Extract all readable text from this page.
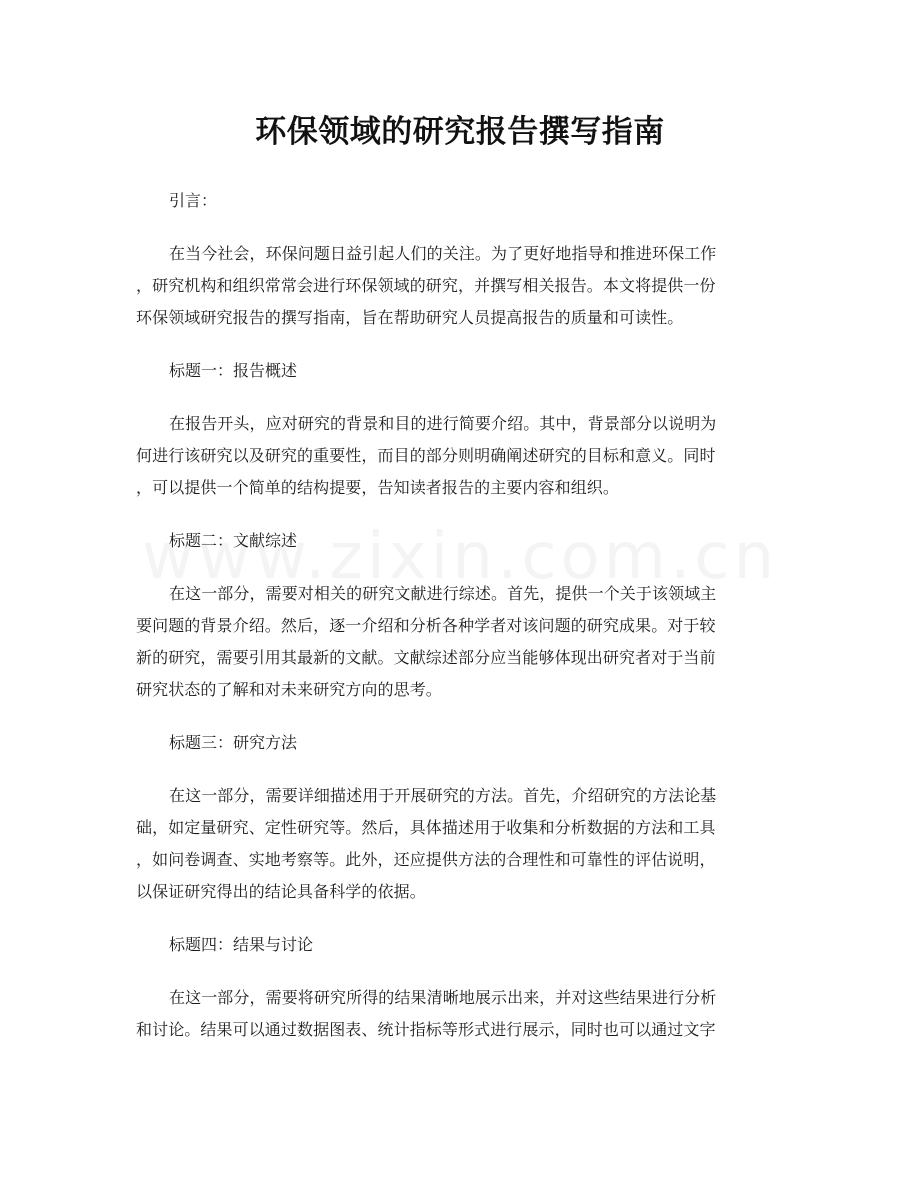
环保领域的研究报告撰写指南

引言：

在当今社会，环保问题日益引起人们的关注。为了更好地指导和推进环保工作
，研究机构和组织常常会进行环保领域的研究，并撰写相关报告。本文将提供一份
环保领域研究报告的撰写指南，旨在帮助研究人员提高报告的质量和可读性。

标题一：报告概述

在报告开头，应对研究的背景和目的进行简要介绍。其中，背景部分以说明为
何进行该研究以及研究的重要性，而目的部分则明确阐述研究的目标和意义。同时
，可以提供一个简单的结构提要，告知读者报告的主要内容和组织。

标题二：文献综述

在这一部分，需要对相关的研究文献进行综述。首先，提供一个关于该领域主
要问题的背景介绍。然后，逐一介绍和分析各种学者对该问题的研究成果。对于较
新的研究，需要引用其最新的文献。文献综述部分应当能够体现出研究者对于当前
研究状态的了解和对未来研究方向的思考。

标题三：研究方法

在这一部分，需要详细描述用于开展研究的方法。首先，介绍研究的方法论基
础，如定量研究、定性研究等。然后，具体描述用于收集和分析数据的方法和工具
，如问卷调查、实地考察等。此外，还应提供方法的合理性和可靠性的评估说明，
以保证研究得出的结论具备科学的依据。

标题四：结果与讨论

在这一部分，需要将研究所得的结果清晰地展示出来，并对这些结果进行分析
和讨论。结果可以通过数据图表、统计指标等形式进行展示，同时也可以通过文字
